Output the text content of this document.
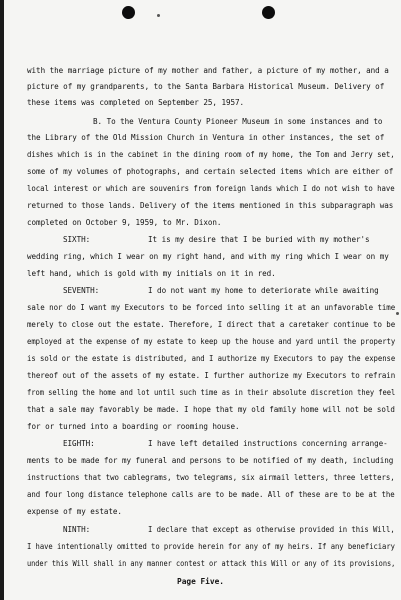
with the marriage picture of my mother and father, a picture of my mother, and a
picture of my grandparents, to the Santa Barbara Historical Museum. Delivery of
these items was completed on September 25, 1957.
B. To the Ventura County Pioneer Museum in some instances and to
the Library of the Old Mission Church in Ventura in other instances, the set of
dishes which is in the cabinet in the dining room of my home, the Tom and Jerry set,
some of my volumes of photographs, and certain selected items which are either of
local interest or which are souvenirs from foreign lands which I do not wish to have
returned to those lands. Delivery of the items mentioned in this subparagraph was
completed on October 9, 1959, to Mr. Dixon.
SIXTH:	It is my desire that I be buried with my mother's
wedding ring, which I wear on my right hand, and with my ring which I wear on my
left hand, which is gold with my initials on it in red.
SEVENTH:	I do not want my home to deteriorate while awaiting
sale nor do I want my Executors to be forced into selling it at an unfavorable time
merely to close out the estate. Therefore, I direct that a caretaker continue to be
employed at the expense of my estate to keep up the house and yard until the property
is sold or the estate is distributed, and I authorize my Executors to pay the expense
thereof out of the assets of my estate. I further authorize my Executors to refrain
from selling the home and lot until such time as in their absolute discretion they feel
that a sale may favorably be made. I hope that my old family home will not be sold
for or turned into a boarding or rooming house.
EIGHTH:	I have left detailed instructions concerning arrange-
ments to be made for my funeral and persons to be notified of my death, including
instructions that two cablegrams, two telegrams, six airmail letters, three letters,
and four long distance telephone calls are to be made. All of these are to be at the
expense of my estate.
NINTH:	I declare that except as otherwise provided in this Will,
I have intentionally omitted to provide herein for any of my heirs. If any beneficiary
under this Will shall in any manner contest or attack this Will or any of its provisions,
Page Five.
